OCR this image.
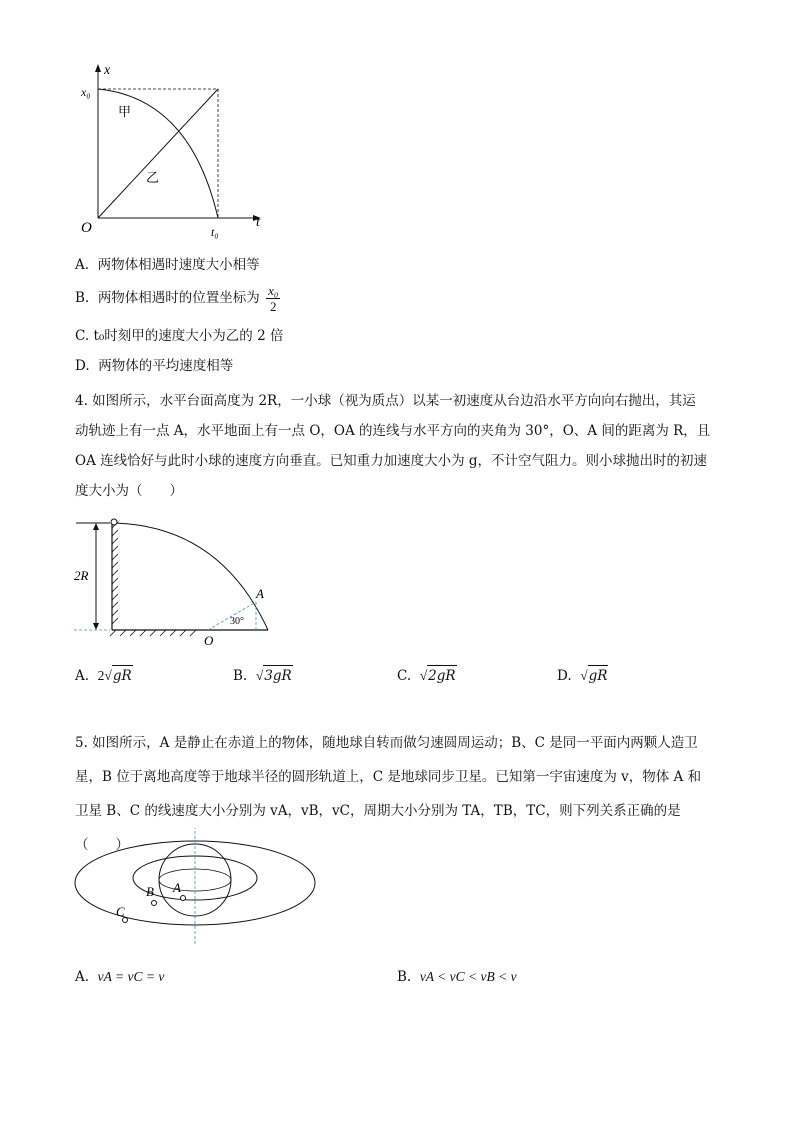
x
t
O
x₀
t₀
甲
乙
A. 两物体相遇时速度大小相等
B. 两物体相遇时的位置坐标为 $\frac{\text{x₀}}{2}$
C. t₀时刻甲的速度大小为乙的 2 倍
D. 两物体的平均速度相等
4. 如图所示，水平台面高度为 2R，一小球（视为质点）以某一初速度从台边沿水平方向向右抛出，其运
动轨迹上有一点 A，水平地面上有一点 O，OA 的连线与水平方向的夹角为 30°，O、A 间的距离为 R，且
OA 连线恰好与此时小球的速度方向垂直。已知重力加速度大小为 g，不计空气阻力。则小球抛出时的初速
度大小为（　　）
2R
A
O
30°
A. 2√gR	B. √3gR	C. √2gR	D. √gR
5. 如图所示，A 是静止在赤道上的物体，随地球自转而做匀速圆周运动；B、C 是同一平面内两颗人造卫
星，B 位于离地高度等于地球半径的圆形轨道上，C 是地球同步卫星。已知第一宇宙速度为 v，物体 A 和
卫星 B、C 的线速度大小分别为 vA，vB，vC，周期大小分别为 TA，TB，TC，则下列关系正确的是
（　　）
A
B
C
A. vA = vC = v	B. vA < vC < vB < v
